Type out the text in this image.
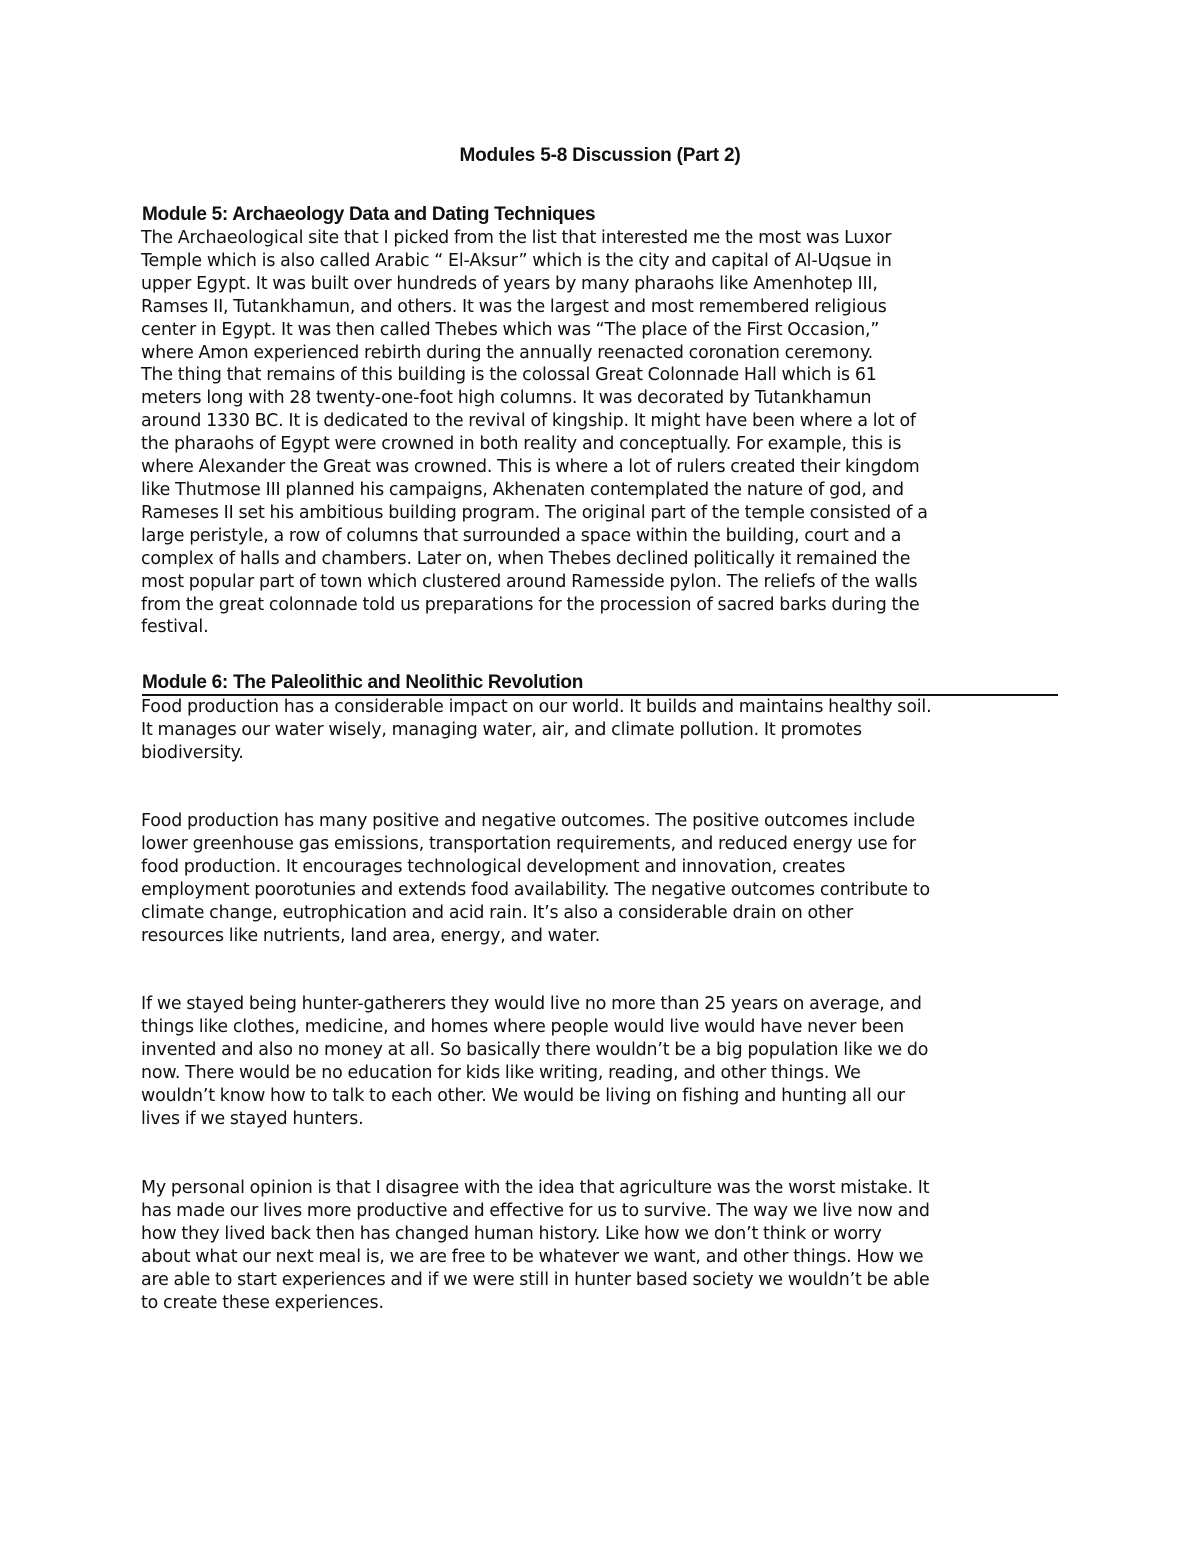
Modules 5-8 Discussion (Part 2)
Module 5: Archaeology Data and Dating Techniques
The Archaeological site that I picked from the list that interested me the most was Luxor
Temple which is also called Arabic “ El-Aksur” which is the city and capital of Al-Uqsue in
upper Egypt. It was built over hundreds of years by many pharaohs like Amenhotep III,
Ramses II, Tutankhamun, and others. It was the largest and most remembered religious
center in Egypt. It was then called Thebes which was “The place of the First Occasion,”
where Amon experienced rebirth during the annually reenacted coronation ceremony.
The thing that remains of this building is the colossal Great Colonnade Hall which is 61
meters long with 28 twenty-one-foot high columns. It was decorated by Tutankhamun
around 1330 BC. It is dedicated to the revival of kingship. It might have been where a lot of
the pharaohs of Egypt were crowned in both reality and conceptually. For example, this is
where Alexander the Great was crowned. This is where a lot of rulers created their kingdom
like Thutmose III planned his campaigns, Akhenaten contemplated the nature of god, and
Rameses II set his ambitious building program. The original part of the temple consisted of a
large peristyle, a row of columns that surrounded a space within the building, court and a
complex of halls and chambers. Later on, when Thebes declined politically it remained the
most popular part of town which clustered around Ramesside pylon. The reliefs of the walls
from the great colonnade told us preparations for the procession of sacred barks during the
festival.
Module 6: The Paleolithic and Neolithic Revolution
Food production has a considerable impact on our world. It builds and maintains healthy soil.
It manages our water wisely, managing water, air, and climate pollution. It promotes
biodiversity.
Food production has many positive and negative outcomes. The positive outcomes include
lower greenhouse gas emissions, transportation requirements, and reduced energy use for
food production. It encourages technological development and innovation, creates
employment poorotunies and extends food availability. The negative outcomes contribute to
climate change, eutrophication and acid rain. It’s also a considerable drain on other
resources like nutrients, land area, energy, and water.
If we stayed being hunter-gatherers they would live no more than 25 years on average, and
things like clothes, medicine, and homes where people would live would have never been
invented and also no money at all. So basically there wouldn’t be a big population like we do
now. There would be no education for kids like writing, reading, and other things. We
wouldn’t know how to talk to each other. We would be living on fishing and hunting all our
lives if we stayed hunters.
My personal opinion is that I disagree with the idea that agriculture was the worst mistake. It
has made our lives more productive and effective for us to survive. The way we live now and
how they lived back then has changed human history. Like how we don’t think or worry
about what our next meal is, we are free to be whatever we want, and other things. How we
are able to start experiences and if we were still in hunter based society we wouldn’t be able
to create these experiences.
